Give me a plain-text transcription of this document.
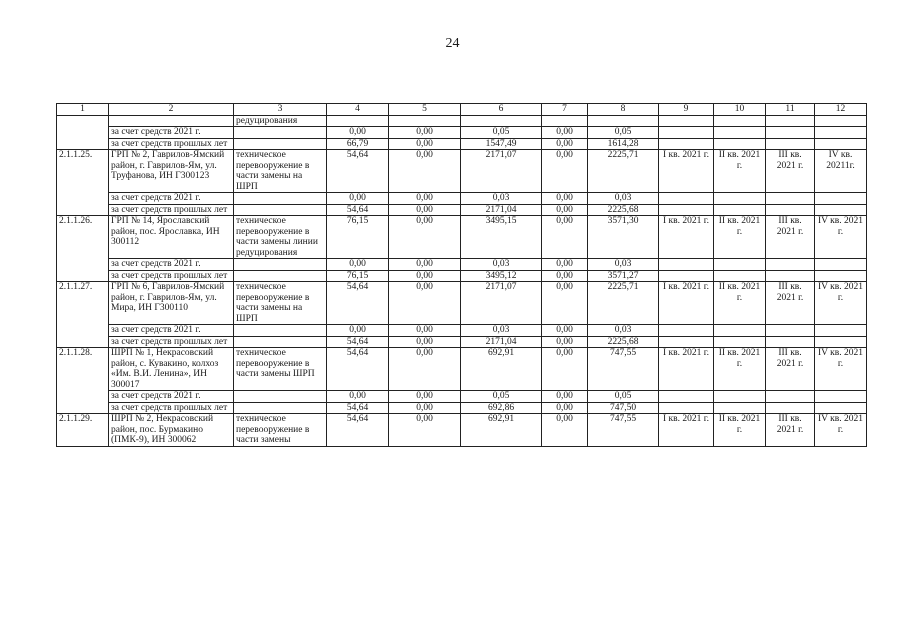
24
1	2	3	4	5	6	7	8	9	10	11	12
		редуцирования									
	за счет средств 2021 г.		0,00	0,00	0,05	0,00	0,05				
	за счет средств прошлых лет		66,79	0,00	1547,49	0,00	1614,28				
2.1.1.25.	ГРП № 2, Гаврилов-Ямский район, г. Гаврилов-Ям, ул. Труфанова, ИН Г300123	техническое перевооружение в части замены на ШРП	54,64	0,00	2171,07	0,00	2225,71	I кв. 2021 г.	II кв. 2021 г.	III кв. 2021 г.	IV кв. 20211г.
	за счет средств 2021 г.		0,00	0,00	0,03	0,00	0,03				
	за счет средств прошлых лет		54,64	0,00	2171,04	0,00	2225,68				
2.1.1.26.	ГРП № 14, Ярославский район, пос. Ярославка, ИН 300112	техническое перевооружение в части замены линии редуцирования	76,15	0,00	3495,15	0,00	3571,30	I кв. 2021 г.	II кв. 2021 г.	III кв. 2021 г.	IV кв. 2021 г.
	за счет средств 2021 г.		0,00	0,00	0,03	0,00	0,03				
	за счет средств прошлых лет		76,15	0,00	3495,12	0,00	3571,27				
2.1.1.27.	ГРП № 6, Гаврилов-Ямский район, г. Гаврилов-Ям, ул. Мира, ИН Г300110	техническое перевооружение в части замены на ШРП	54,64	0,00	2171,07	0,00	2225,71	I кв. 2021 г.	II кв. 2021 г.	III кв. 2021 г.	IV кв. 2021 г.
	за счет средств 2021 г.		0,00	0,00	0,03	0,00	0,03				
	за счет средств прошлых лет		54,64	0,00	2171,04	0,00	2225,68				
2.1.1.28.	ШРП № 1, Некрасовский район, с. Кувакино, колхоз «Им. В.И. Ленина», ИН 300017	техническое перевооружение в части замены ШРП	54,64	0,00	692,91	0,00	747,55	I кв. 2021 г.	II кв. 2021 г.	III кв. 2021 г.	IV кв. 2021 г.
	за счет средств 2021 г.		0,00	0,00	0,05	0,00	0,05				
	за счет средств прошлых лет		54,64	0,00	692,86	0,00	747,50				
2.1.1.29.	ШРП № 2, Некрасовский район, пос. Бурмакино (ПМК-9), ИН 300062	техническое перевооружение в части замены	54,64	0,00	692,91	0,00	747,55	I кв. 2021 г.	II кв. 2021 г.	III кв. 2021 г.	IV кв. 2021 г.
